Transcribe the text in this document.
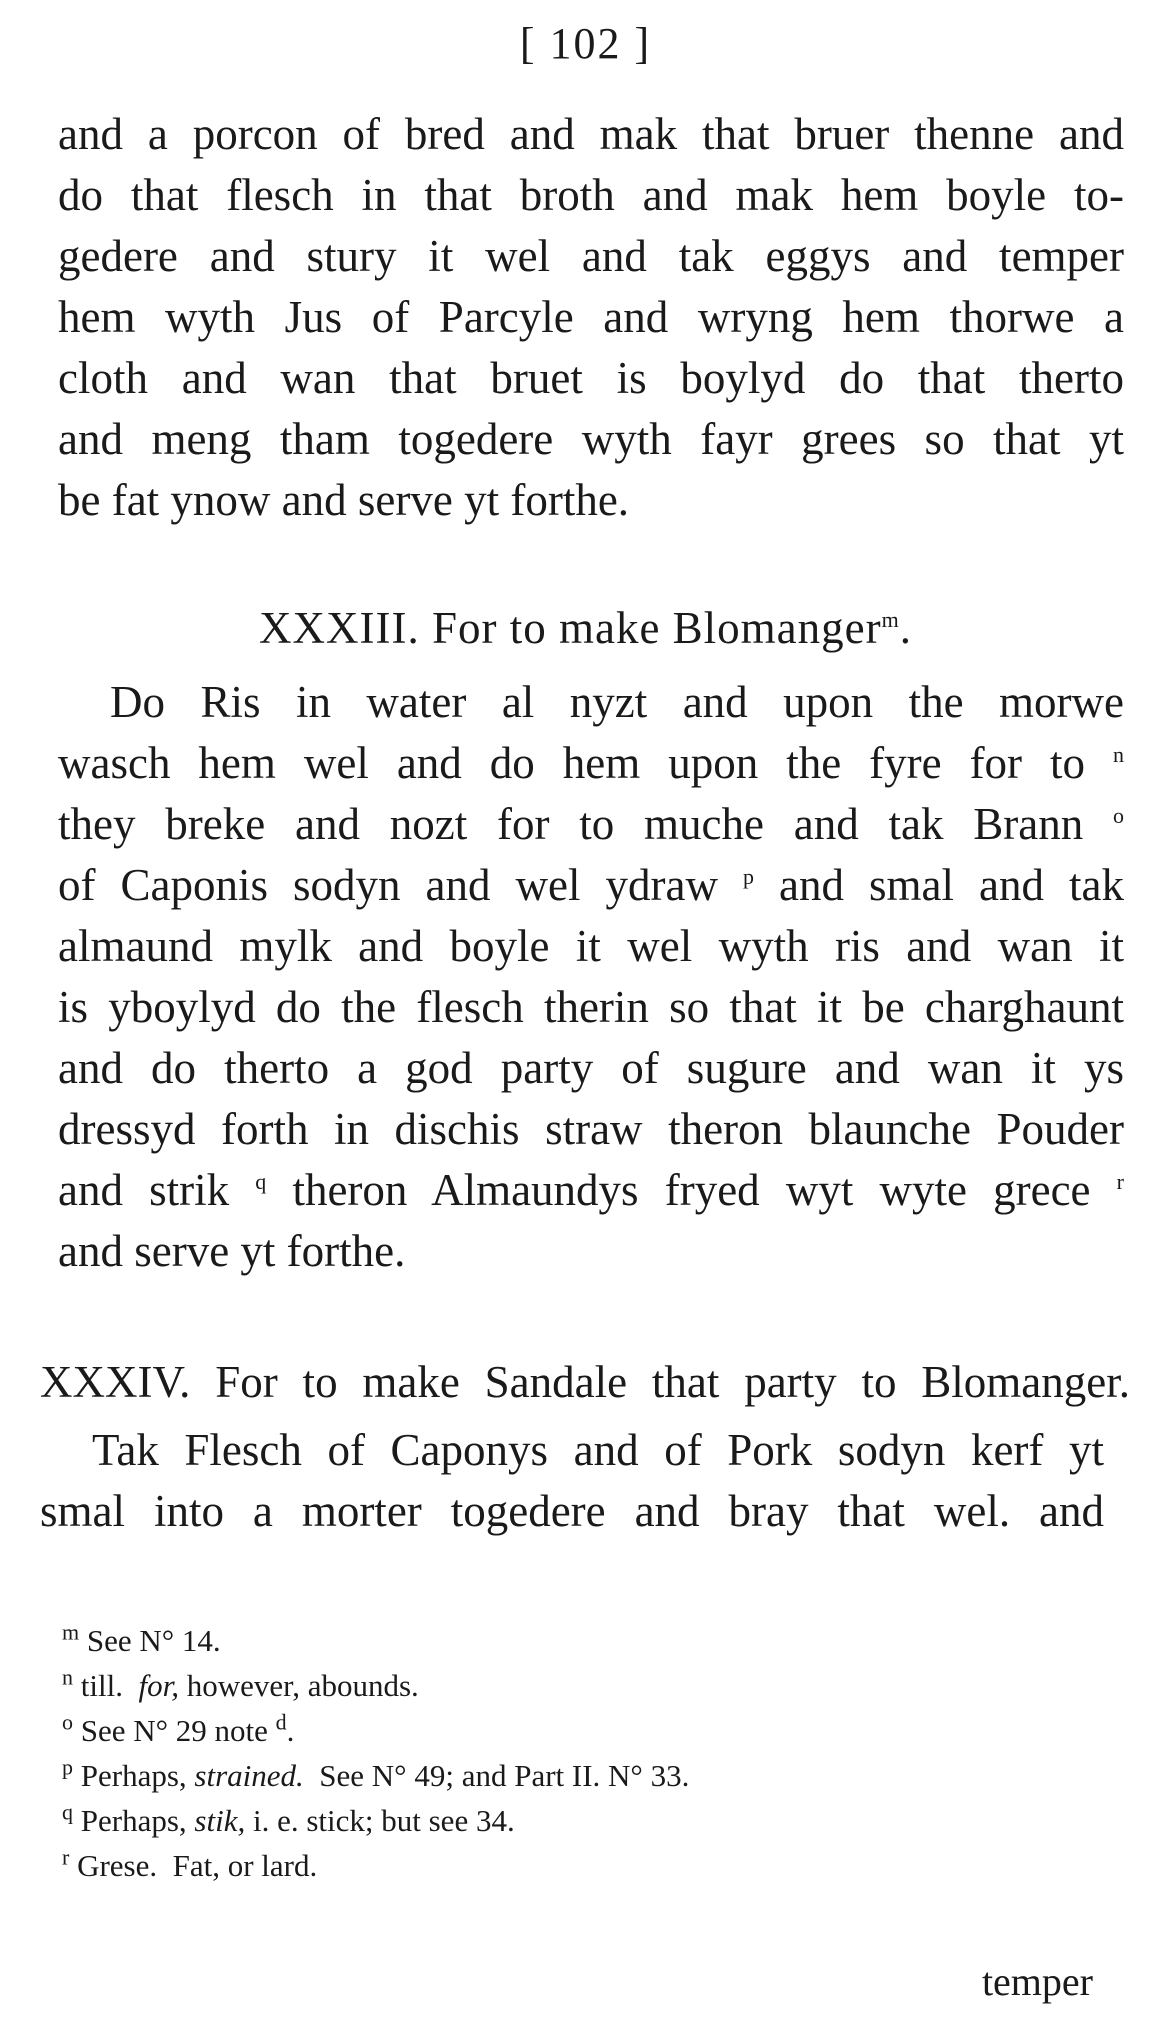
[ 102 ]
and a porcon of bred and mak that bruer thenne and
do that flesch in that broth and mak hem boyle to-
gedere and stury it wel and tak eggys and temper
hem wyth Jus of Parcyle and wryng hem thorwe a
cloth and wan that bruet is boylyd do that therto
and meng tham togedere wyth fayr grees so that yt
be fat ynow and serve yt forthe.
XXXIII. For to make Blomanger$^m$.
Do Ris in water al nyzt and upon the morwe
wasch hem wel and do hem upon the fyre for to $^n$
they breke and nozt for to muche and tak Brann $^o$
of Caponis sodyn and wel ydraw $^p$ and smal and tak
almaund mylk and boyle it wel wyth ris and wan it
is yboylyd do the flesch therin so that it be charghaunt
and do therto a god party of sugure and wan it ys
dressyd forth in dischis straw theron blaunche Pouder
and strik $^q$ theron Almaundys fryed wyt wyte grece $^r$
and serve yt forthe.
XXXIV. For to make Sandale that party to Blomanger.
Tak Flesch of Caponys and of Pork sodyn kerf yt
smal into a morter togedere and bray that wel. and
$^m$ See N° 14.
$^n$ till. for, however, abounds.
$^o$ See N° 29 note $^d$.
$^p$ Perhaps, strained. See N° 49; and Part II. N° 33.
$^q$ Perhaps, stik, i. e. stick; but see 34.
$^r$ Grese. Fat, or lard.
temper
